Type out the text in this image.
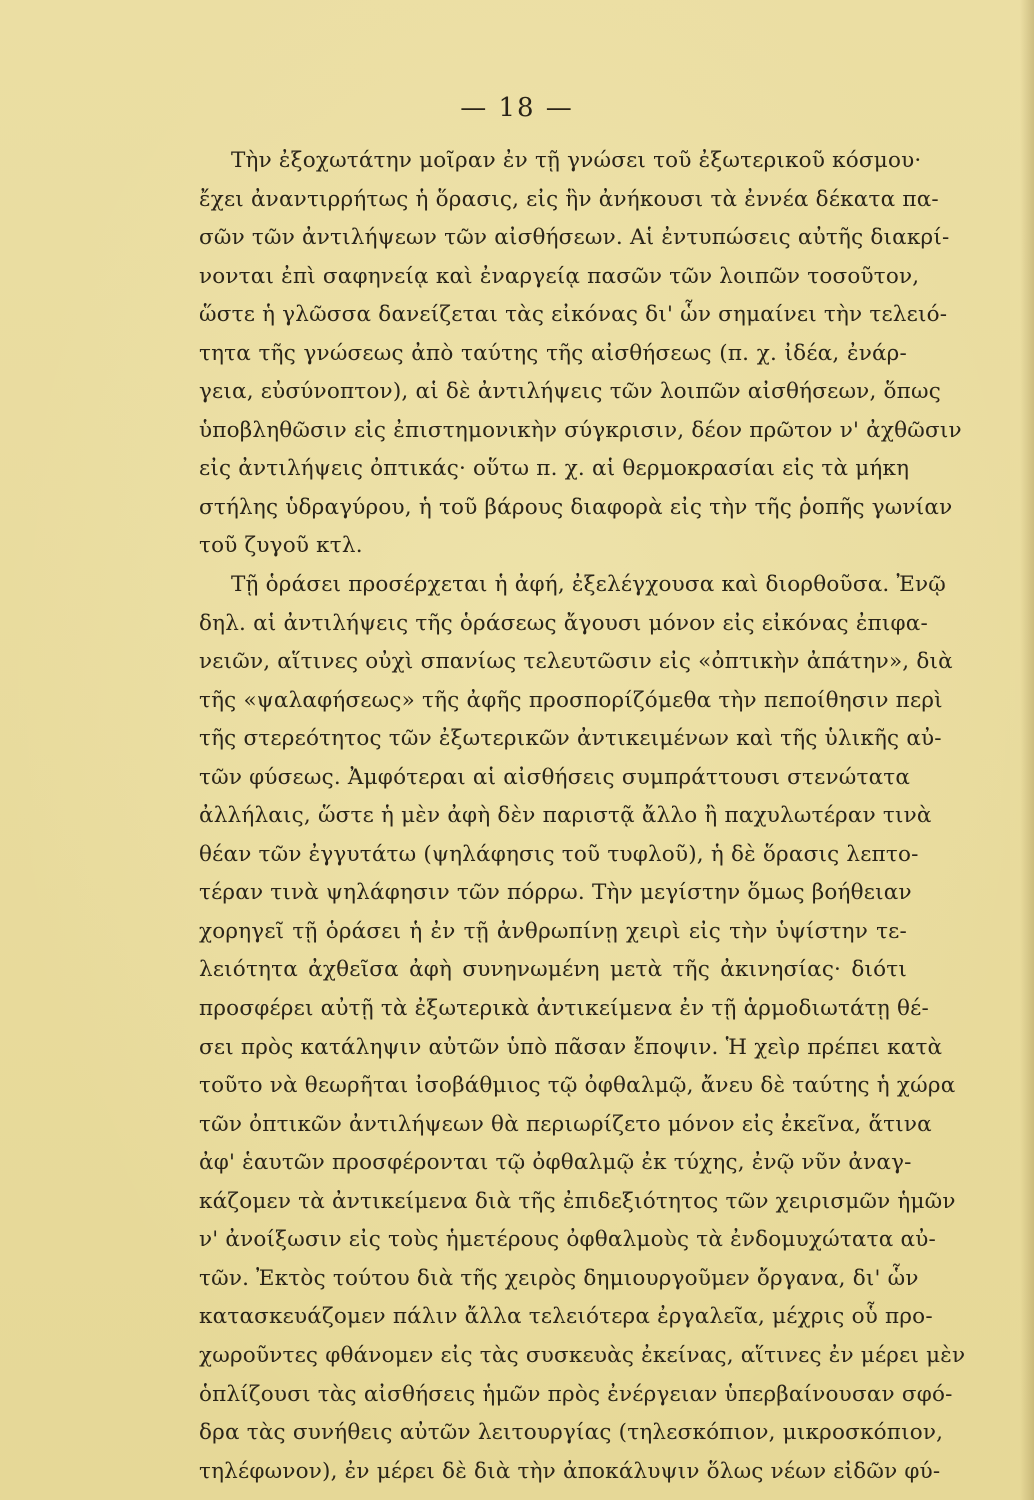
— 18 —
Τὴν ἐξοχωτάτην μοῖραν ἐν τῇ γνώσει τοῦ ἐξωτερικοῦ κόσμου·
ἔχει ἀναντιρρήτως ἡ ὅρασις, εἰς ἣν ἀνήκουσι τὰ ἐννέα δέκατα πα-
σῶν τῶν ἀντιλήψεων τῶν αἰσθήσεων. Αἱ ἐντυπώσεις αὐτῆς διακρί-
νονται ἐπὶ σαφηνείᾳ καὶ ἐναργείᾳ πασῶν τῶν λοιπῶν τοσοῦτον,
ὥστε ἡ γλῶσσα δανείζεται τὰς εἰκόνας δι' ὧν σημαίνει τὴν τελειό-
τητα τῆς γνώσεως ἀπὸ ταύτης τῆς αἰσθήσεως (π. χ. ἰδέα, ἐνάρ-
γεια, εὐσύνοπτον), αἱ δὲ ἀντιλήψεις τῶν λοιπῶν αἰσθήσεων, ὅπως
ὑποβληθῶσιν εἰς ἐπιστημονικὴν σύγκρισιν, δέον πρῶτον ν' ἀχθῶσιν
εἰς ἀντιλήψεις ὀπτικάς· οὕτω π. χ. αἱ θερμοκρασίαι εἰς τὰ μήκη
στήλης ὑδραγύρου, ἡ τοῦ βάρους διαφορὰ εἰς τὴν τῆς ῥοπῆς γωνίαν
τοῦ ζυγοῦ κτλ.
Τῇ ὁράσει προσέρχεται ἡ ἀφή, ἐξελέγχουσα καὶ διορθοῦσα. Ἐνῷ
δηλ. αἱ ἀντιλήψεις τῆς ὁράσεως ἄγουσι μόνον εἰς εἰκόνας ἐπιφα-
νειῶν, αἵτινες οὐχὶ σπανίως τελευτῶσιν εἰς «ὀπτικὴν ἀπάτην», διὰ
τῆς «ψαλαφήσεως» τῆς ἀφῆς προσπορίζόμεθα τὴν πεποίθησιν περὶ
τῆς στερεότητος τῶν ἐξωτερικῶν ἀντικειμένων καὶ τῆς ὑλικῆς αὐ-
τῶν φύσεως. Ἀμφότεραι αἱ αἰσθήσεις συμπράττουσι στενώτατα
ἀλλήλαις, ὥστε ἡ μὲν ἀφὴ δὲν παριστᾷ ἄλλο ἢ παχυλωτέραν τινὰ
θέαν τῶν ἐγγυτάτω (ψηλάφησις τοῦ τυφλοῦ), ἡ δὲ ὅρασις λεπτο-
τέραν τινὰ ψηλάφησιν τῶν πόρρω. Τὴν μεγίστην ὅμως βοήθειαν
χορηγεῖ τῇ ὁράσει ἡ ἐν τῇ ἀνθρωπίνῃ χειρὶ εἰς τὴν ὑψίστην τε-
λειότητα ἀχθεῖσα ἀφὴ συνηνωμένη μετὰ τῆς ἀκινησίας· διότι
προσφέρει αὐτῇ τὰ ἐξωτερικὰ ἀντικείμενα ἐν τῇ ἁρμοδιωτάτῃ θέ-
σει πρὸς κατάληψιν αὐτῶν ὑπὸ πᾶσαν ἔποψιν. Ἡ χεὶρ πρέπει κατὰ
τοῦτο νὰ θεωρῆται ἰσοβάθμιος τῷ ὀφθαλμῷ, ἄνευ δὲ ταύτης ἡ χώρα
τῶν ὀπτικῶν ἀντιλήψεων θὰ περιωρίζετο μόνον εἰς ἐκεῖνα, ἅτινα
ἀφ' ἑαυτῶν προσφέρονται τῷ ὀφθαλμῷ ἐκ τύχης, ἐνῷ νῦν ἀναγ-
κάζομεν τὰ ἀντικείμενα διὰ τῆς ἐπιδεξιότητος τῶν χειρισμῶν ἡμῶν
ν' ἀνοίξωσιν εἰς τοὺς ἡμετέρους ὀφθαλμοὺς τὰ ἐνδομυχώτατα αὐ-
τῶν. Ἐκτὸς τούτου διὰ τῆς χειρὸς δημιουργοῦμεν ὄργανα, δι' ὧν
κατασκευάζομεν πάλιν ἄλλα τελειότερα ἐργαλεῖα, μέχρις οὗ προ-
χωροῦντες φθάνομεν εἰς τὰς συσκευὰς ἐκείνας, αἵτινες ἐν μέρει μὲν
ὁπλίζουσι τὰς αἰσθήσεις ἡμῶν πρὸς ἐνέργειαν ὑπερβαίνουσαν σφό-
δρα τὰς συνήθεις αὐτῶν λειτουργίας (τηλεσκόπιον, μικροσκόπιον,
τηλέφωνον), ἐν μέρει δὲ διὰ τὴν ἀποκάλυψιν ὅλως νέων εἰδῶν φύ-
